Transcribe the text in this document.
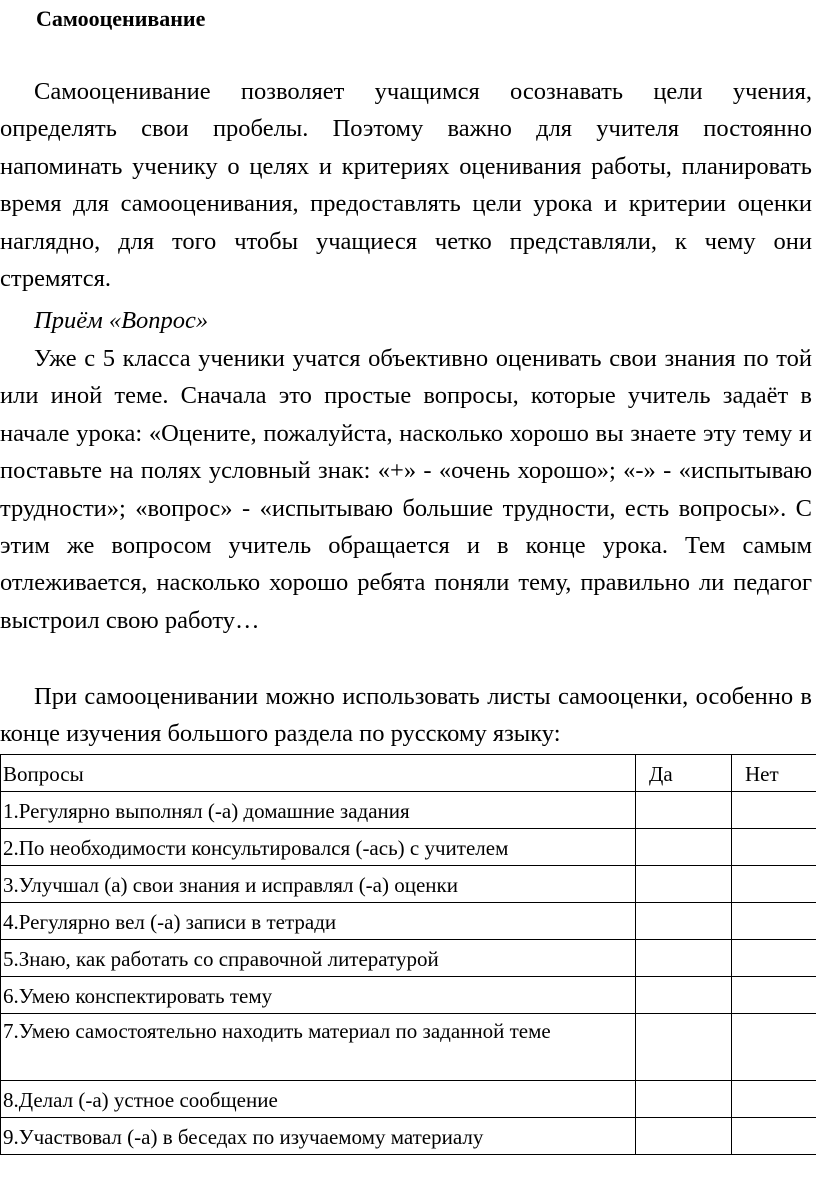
Самооценивание

Самооценивание позволяет учащимся осознавать цели учения, определять свои пробелы. Поэтому важно для учителя постоянно напоминать ученику о целях и критериях оценивания работы, планировать время для самооценивания, предоставлять цели урока и критерии оценки наглядно, для того чтобы учащиеся четко представляли, к чему они стремятся.

Приём «Вопрос»

Уже с 5 класса ученики учатся объективно оценивать свои знания по той или иной теме. Сначала это простые вопросы, которые учитель задаёт в начале урока: «Оцените, пожалуйста, насколько хорошо вы знаете эту тему и поставьте на полях условный знак: «+» - «очень хорошо»; «-» - «испытываю трудности»; «вопрос» - «испытываю большие трудности, есть вопросы». С этим же вопросом учитель обращается и в конце урока. Тем самым отлеживается, насколько хорошо ребята поняли тему, правильно ли педагог выстроил свою работу…

При самооценивании можно использовать листы самооценки, особенно в конце изучения большого раздела по русскому языку:

Вопросы	Да	Нет
1.Регулярно выполнял (-а) домашние задания		
2.По необходимости консультировался (-ась) с учителем		
3.Улучшал (а) свои знания и исправлял (-а) оценки		
4.Регулярно вел (-а) записи в тетради		
5.Знаю, как работать со справочной литературой		
6.Умею конспектировать тему		
7.Умею самостоятельно находить материал по заданной теме		
8.Делал (-а) устное сообщение		
9.Участвовал (-а) в беседах по изучаемому материалу		
